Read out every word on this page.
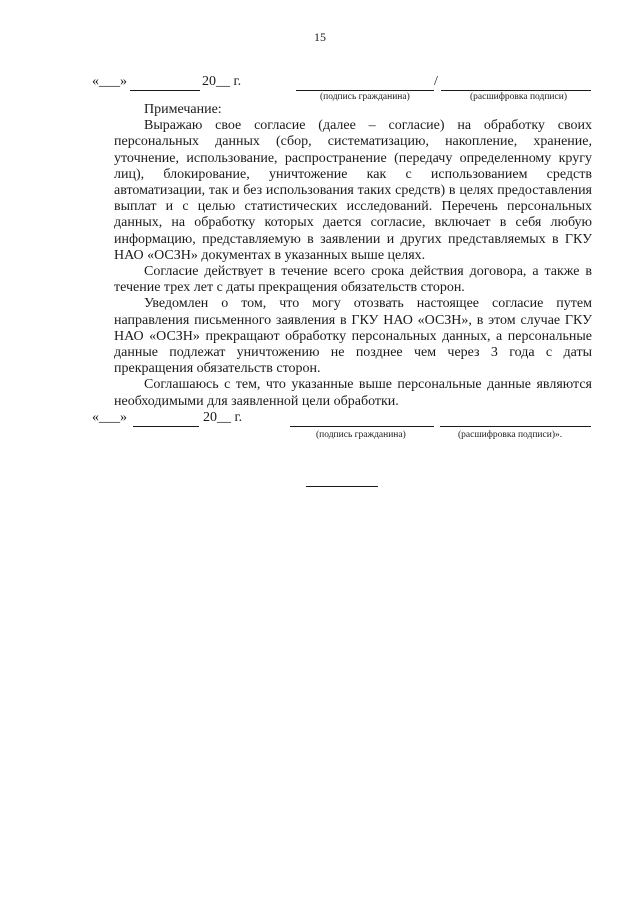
15
«___»	20__ г.	/
(подпись гражданина)	(расшифровка подписи)

Примечание:

Выражаю свое согласие (далее – согласие) на обработку своих персональных данных (сбор, систематизацию, накопление, хранение, уточнение, использование, распространение (передачу определенному кругу лиц), блокирование, уничтожение как с использованием средств автоматизации, так и без использования таких средств) в целях предоставления выплат и с целью статистических исследований. Перечень персональных данных, на обработку которых дается согласие, включает в себя любую информацию, представляемую в заявлении и других представляемых в ГКУ НАО «ОСЗН» документах в указанных выше целях.

Согласие действует в течение всего срока действия договора, а также в течение трех лет с даты прекращения обязательств сторон.

Уведомлен о том, что могу отозвать настоящее согласие путем направления письменного заявления в ГКУ НАО «ОСЗН», в этом случае ГКУ НАО «ОСЗН» прекращают обработку персональных данных, а персональные данные подлежат уничтожению не позднее чем через 3 года с даты прекращения обязательств сторон.

Соглашаюсь с тем, что указанные выше персональные данные являются необходимыми для заявленной цели обработки.

«___»	20__ г.
(подпись гражданина)	(расшифровка подписи)».
